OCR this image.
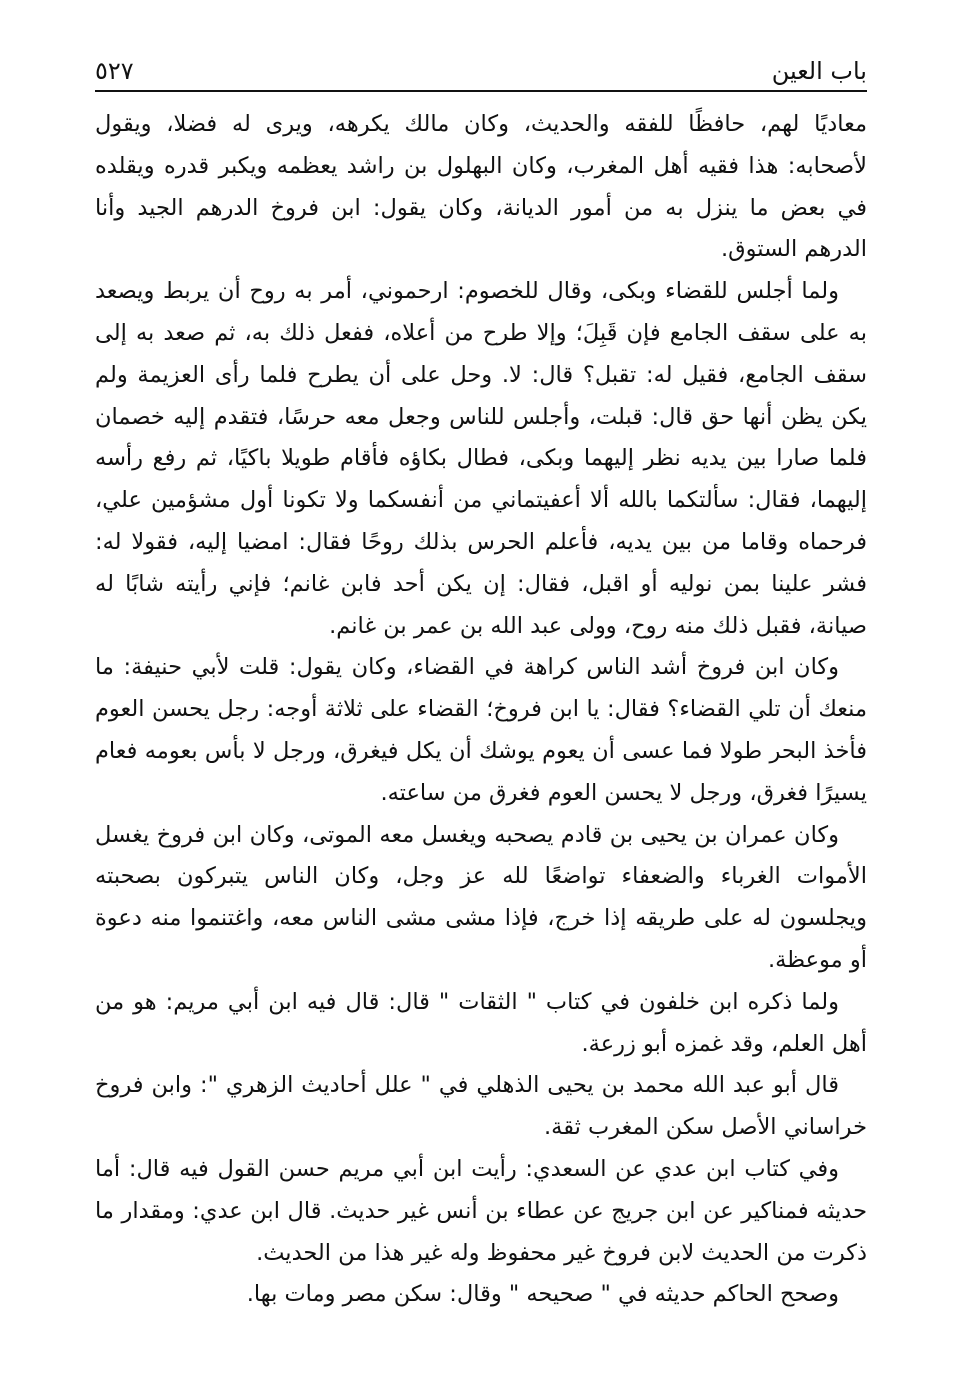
باب العين
٥٢٧

معاديًا لهم، حافظًا للفقه والحديث، وكان مالك يكرهه، ويرى له فضلا، ويقول لأصحابه: هذا فقيه أهل المغرب، وكان البهلول بن راشد يعظمه ويكبر قدره ويقلده في بعض ما ينزل به من أمور الديانة، وكان يقول: ابن فروخ الدرهم الجيد وأنا الدرهم الستوق.

ولما أجلس للقضاء وبكى، وقال للخصوم: ارحموني، أمر به روح أن يربط ويصعد به على سقف الجامع فإن قَبِلَ؛ وإلا طرح من أعلاه، ففعل ذلك به، ثم صعد به إلى سقف الجامع، فقيل له: تقبل؟ قال: لا. وحل على أن يطرح فلما رأى العزيمة ولم يكن يظن أنها حق قال: قبلت، وأجلس للناس وجعل معه حرسًا، فتقدم إليه خصمان فلما صارا بين يديه نظر إليهما وبكى، فطال بكاؤه فأقام طويلا باكيًا، ثم رفع رأسه إليهما، فقال: سألتكما بالله ألا أعفيتماني من أنفسكما ولا تكونا أول مشؤمين علي، فرحماه وقاما من بين يديه، فأعلم الحرس بذلك روحًا فقال: امضيا إليه، فقولا له: فشر علينا بمن نوليه أو اقبل، فقال: إن يكن أحد فابن غانم؛ فإني رأيته شابًا له صيانة، فقبل ذلك منه روح، وولى عبد الله بن عمر بن غانم.

وكان ابن فروخ أشد الناس كراهة في القضاء، وكان يقول: قلت لأبي حنيفة: ما منعك أن تلي القضاء؟ فقال: يا ابن فروخ؛ القضاء على ثلاثة أوجه: رجل يحسن العوم فأخذ البحر طولا فما عسى أن يعوم يوشك أن يكل فيغرق، ورجل لا بأس بعومه فعام يسيرًا فغرق، ورجل لا يحسن العوم فغرق من ساعته.

وكان عمران بن يحيى بن قادم يصحبه ويغسل معه الموتى، وكان ابن فروخ يغسل الأموات الغرباء والضعفاء تواضعًا لله عز وجل، وكان الناس يتبركون بصحبته ويجلسون له على طريقه إذا خرج، فإذا مشى مشى الناس معه، واغتنموا منه دعوة أو موعظة.

ولما ذكره ابن خلفون في كتاب " الثقات " قال: قال فيه ابن أبي مريم: هو من أهل العلم، وقد غمزه أبو زرعة.

قال أبو عبد الله محمد بن يحيى الذهلي في " علل أحاديث الزهري ": وابن فروخ خراساني الأصل سكن المغرب ثقة.

وفي كتاب ابن عدي عن السعدي: رأيت ابن أبي مريم حسن القول فيه قال: أما حديثه فمناكير عن ابن جريج عن عطاء بن أنس غير حديث. قال ابن عدي: ومقدار ما ذكرت من الحديث لابن فروخ غير محفوظ وله غير هذا من الحديث.

وصحح الحاكم حديثه في " صحيحه " وقال: سكن مصر ومات بها.
